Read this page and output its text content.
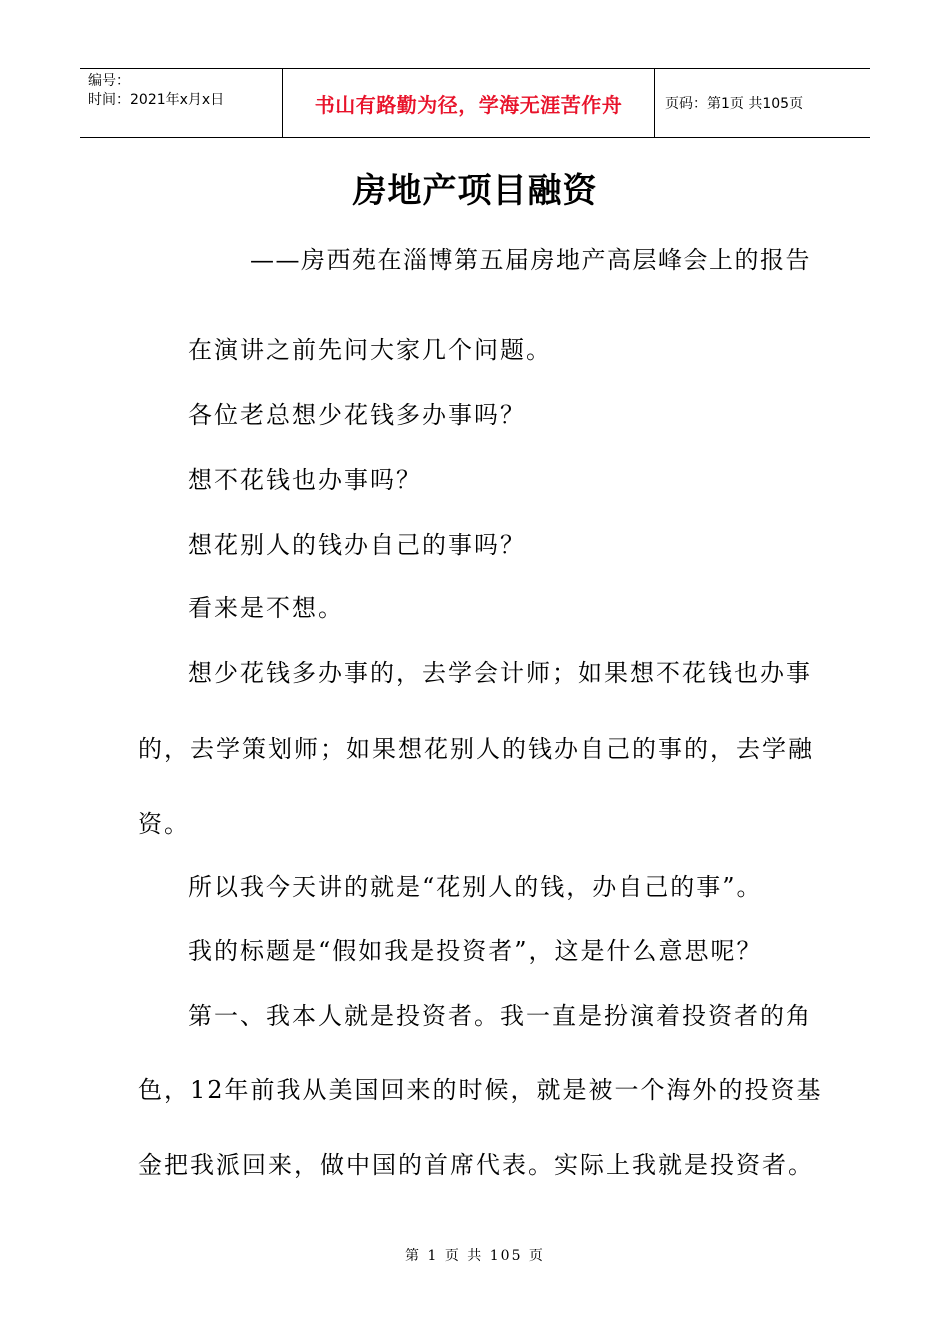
编号：
时间：2021年x月x日	书山有路勤为径，学海无涯苦作舟	页码：第1页 共105页
房地产项目融资
——房西苑在淄博第五届房地产高层峰会上的报告
在演讲之前先问大家几个问题。
各位老总想少花钱多办事吗？
想不花钱也办事吗？
想花别人的钱办自己的事吗？
看来是不想。
想少花钱多办事的，去学会计师；如果想不花钱也办事
的，去学策划师；如果想花别人的钱办自己的事的，去学融
资。
所以我今天讲的就是“花别人的钱，办自己的事”。
我的标题是“假如我是投资者”，这是什么意思呢？
第一、我本人就是投资者。我一直是扮演着投资者的角
色，12年前我从美国回来的时候，就是被一个海外的投资基
金把我派回来，做中国的首席代表。实际上我就是投资者。
第 1 页 共 105 页
